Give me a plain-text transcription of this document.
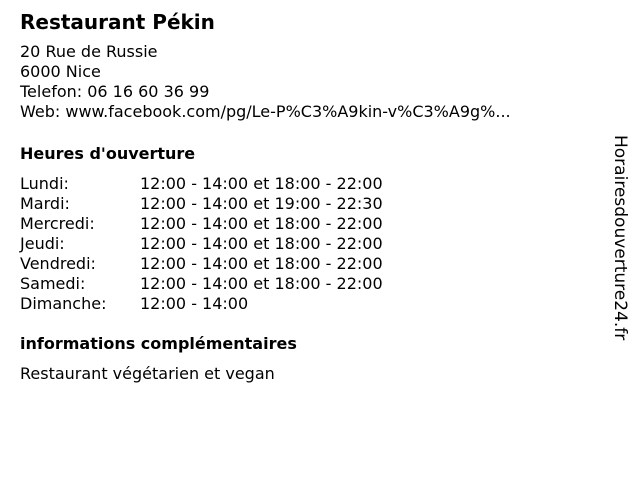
Restaurant Pékin
20 Rue de Russie
6000 Nice
Telefon: 06 16 60 36 99
Web: www.facebook.com/pg/Le-P%C3%A9kin-v%C3%A9g%...
Heures d'ouverture
Lundi:	12:00 - 14:00 et 18:00 - 22:00
Mardi:	12:00 - 14:00 et 19:00 - 22:30
Mercredi:	12:00 - 14:00 et 18:00 - 22:00
Jeudi:	12:00 - 14:00 et 18:00 - 22:00
Vendredi:	12:00 - 14:00 et 18:00 - 22:00
Samedi:	12:00 - 14:00 et 18:00 - 22:00
Dimanche:	12:00 - 14:00
informations complémentaires
Restaurant végétarien et vegan
Horairesdouverture24.fr
